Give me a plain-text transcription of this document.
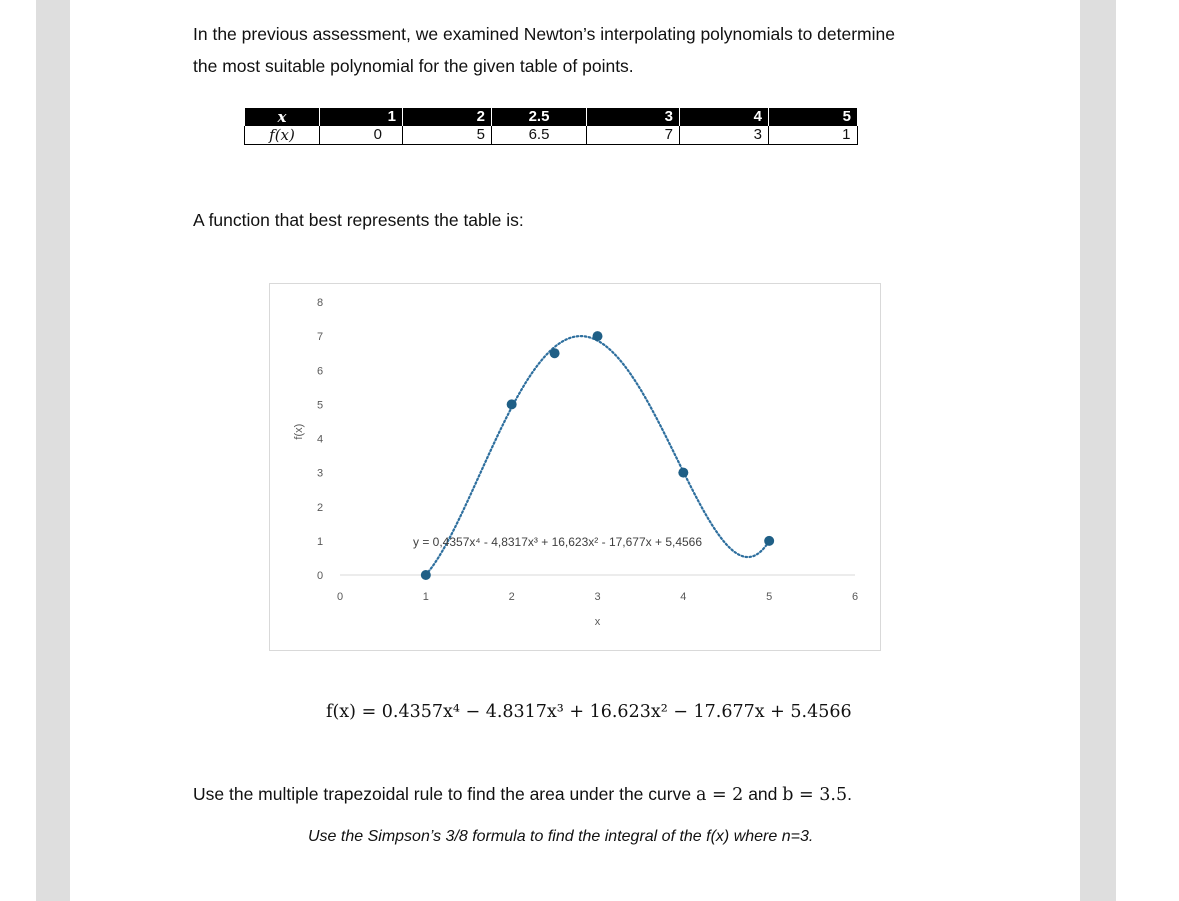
In the previous assessment, we examined Newton’s interpolating polynomials to determine
the most suitable polynomial for the given table of points.
x	1	2	2.5	3	4	5
f(x)	0	5	6.5	7	3	1
A function that best represents the table is:
0
1
2
3
4
5
6
7
8
0	1	2	3	4	5	6
y = 0,4357x⁴ - 4,8317x³ + 16,623x² - 17,677x + 5,4566
x
f(x)
f(x) = 0.4357x⁴ − 4.8317x³ + 16.623x² − 17.677x + 5.4566
Use the multiple trapezoidal rule to find the area under the curve a = 2 and b = 3.5.
Use the Simpson’s 3/8 formula to find the integral of the f(x) where n=3.
